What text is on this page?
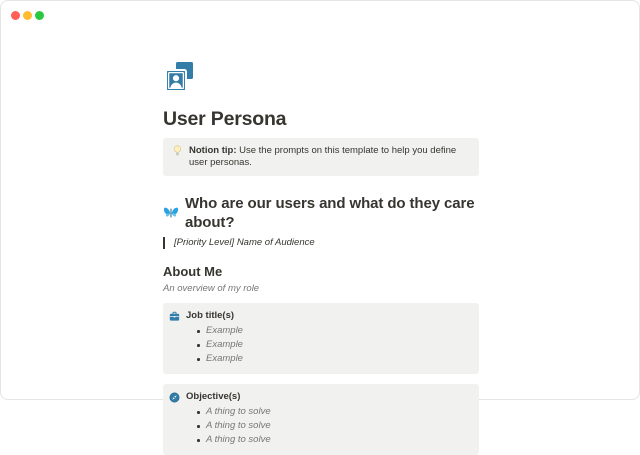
User Persona
Notion tip: Use the prompts on this template to help you define user personas.
Who are our users and what do they care about?
[Priority Level] Name of Audience
About Me
An overview of my role
Job title(s)
Example
Example
Example
Objective(s)
A thing to solve
A thing to solve
A thing to solve
